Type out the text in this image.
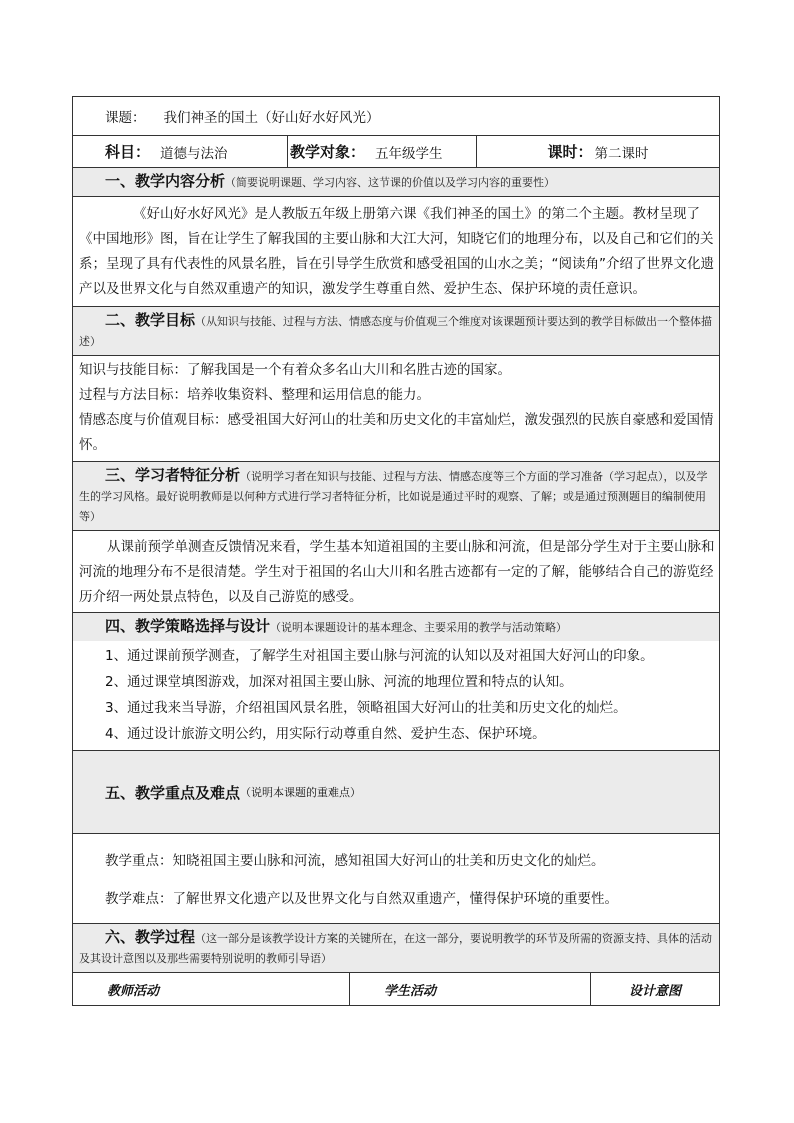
课题： 我们神圣的国土（好山好水好风光）
科目： 道德与法治	教学对象： 五年级学生	课时： 第二课时
一、教学内容分析（简要说明课题、学习内容、这节课的价值以及学习内容的重要性）
《好山好水好风光》是人教版五年级上册第六课《我们神圣的国土》的第二个主题。教材呈现了《中国地形》图，旨在让学生了解我国的主要山脉和大江大河，知晓它们的地理分布，以及自己和它们的关系；呈现了具有代表性的风景名胜，旨在引导学生欣赏和感受祖国的山水之美；“阅读角”介绍了世界文化遗产以及世界文化与自然双重遗产的知识，激发学生尊重自然、爱护生态、保护环境的责任意识。
二、教学目标（从知识与技能、过程与方法、情感态度与价值观三个维度对该课题预计要达到的教学目标做出一个整体描述）
知识与技能目标：了解我国是一个有着众多名山大川和名胜古迹的国家。
过程与方法目标：培养收集资料、整理和运用信息的能力。
情感态度与价值观目标：感受祖国大好河山的壮美和历史文化的丰富灿烂，激发强烈的民族自豪感和爱国情怀。
三、学习者特征分析（说明学习者在知识与技能、过程与方法、情感态度等三个方面的学习准备（学习起点），以及学生的学习风格。最好说明教师是以何种方式进行学习者特征分析，比如说是通过平时的观察、了解；或是通过预测题目的编制使用等）
从课前预学单测查反馈情况来看，学生基本知道祖国的主要山脉和河流，但是部分学生对于主要山脉和河流的地理分布不是很清楚。学生对于祖国的名山大川和名胜古迹都有一定的了解，能够结合自己的游览经历介绍一两处景点特色，以及自己游览的感受。
四、教学策略选择与设计（说明本课题设计的基本理念、主要采用的教学与活动策略）
1、通过课前预学测查，了解学生对祖国主要山脉与河流的认知以及对祖国大好河山的印象。
2、通过课堂填图游戏，加深对祖国主要山脉、河流的地理位置和特点的认知。
3、通过我来当导游，介绍祖国风景名胜，领略祖国大好河山的壮美和历史文化的灿烂。
4、通过设计旅游文明公约，用实际行动尊重自然、爱护生态、保护环境。
五、教学重点及难点 （说明本课题的重难点）
教学重点：知晓祖国主要山脉和河流，感知祖国大好河山的壮美和历史文化的灿烂。
教学难点：了解世界文化遗产以及世界文化与自然双重遗产，懂得保护环境的重要性。
六、教学过程（这一部分是该教学设计方案的关键所在，在这一部分，要说明教学的环节及所需的资源支持、具体的活动及其设计意图以及那些需要特别说明的教师引导语）
教师活动	学生活动	设计意图
